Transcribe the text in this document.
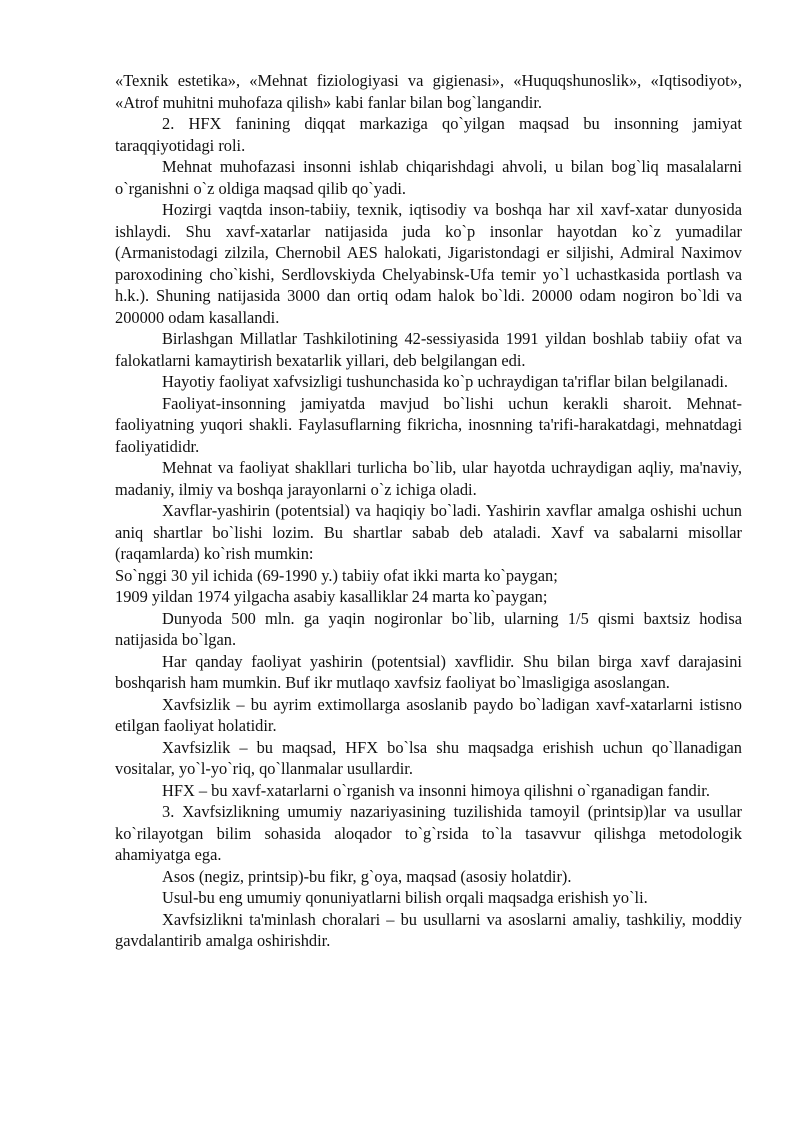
«Texnik estetika», «Mehnat fiziologiyasi va gigienasi», «Huquqshunoslik», «Iqtisodiyot», «Atrof muhitni muhofaza qilish» kabi fanlar bilan bog`langandir.

2. HFX fanining diqqat markaziga qo`yilgan maqsad bu insonning jamiyat taraqqiyotidagi roli.

Mehnat muhofazasi insonni ishlab chiqarishdagi ahvoli, u bilan bog`liq masalalarni o`rganishni o`z oldiga maqsad qilib qo`yadi.

Hozirgi vaqtda inson-tabiiy, texnik, iqtisodiy va boshqa har xil xavf-xatar dunyosida ishlaydi. Shu xavf-xatarlar natijasida juda ko`p insonlar hayotdan ko`z yumadilar (Armanistodagi zilzila, Chernobil AES halokati, Jigaristondagi er siljishi, Admiral Naximov paroxodining cho`kishi, Serdlovskiyda Chelyabinsk-Ufa temir yo`l uchastkasida portlash va h.k.). Shuning natijasida 3000 dan ortiq odam halok bo`ldi. 20000 odam nogiron bo`ldi va 200000 odam kasallandi.

Birlashgan Millatlar Tashkilotining 42-sessiyasida 1991 yildan boshlab tabiiy ofat va falokatlarni kamaytirish bexatarlik yillari, deb belgilangan edi.

Hayotiy faoliyat xafvsizligi tushunchasida ko`p uchraydigan ta'riflar bilan belgilanadi.

Faoliyat-insonning jamiyatda mavjud bo`lishi uchun kerakli sharoit. Mehnat-faoliyatning yuqori shakli. Faylasuflarning fikricha, inosnning ta'rifi-harakatdagi, mehnatdagi faoliyatididr.

Mehnat va faoliyat shakllari turlicha bo`lib, ular hayotda uchraydigan aqliy, ma'naviy, madaniy, ilmiy va boshqa jarayonlarni o`z ichiga oladi.

Xavflar-yashirin (potentsial) va haqiqiy bo`ladi. Yashirin xavflar amalga oshishi uchun aniq shartlar bo`lishi lozim. Bu shartlar sabab deb ataladi. Xavf va sabalarni misollar (raqamlarda) ko`rish mumkin:

So`nggi 30 yil ichida (69-1990 y.) tabiiy ofat ikki marta ko`paygan;

1909 yildan 1974 yilgacha asabiy kasalliklar 24 marta ko`paygan;

Dunyoda 500 mln. ga yaqin nogironlar bo`lib, ularning 1/5 qismi baxtsiz hodisa natijasida bo`lgan.

Har qanday faoliyat yashirin (potentsial) xavflidir. Shu bilan birga xavf darajasini boshqarish ham mumkin. Buf ikr mutlaqo xavfsiz faoliyat bo`lmasligiga asoslangan.

Xavfsizlik – bu ayrim extimollarga asoslanib paydo bo`ladigan xavf-xatarlarni istisno etilgan faoliyat holatidir.

Xavfsizlik – bu maqsad, HFX bo`lsa shu maqsadga erishish uchun qo`llanadigan vositalar, yo`l-yo`riq, qo`llanmalar usullardir.

HFX – bu xavf-xatarlarni o`rganish va insonni himoya qilishni o`rganadigan fandir.

3. Xavfsizlikning umumiy nazariyasining tuzilishida tamoyil (printsip)lar va usullar ko`rilayotgan bilim sohasida aloqador to`g`rsida to`la tasavvur qilishga metodologik ahamiyatga ega.

Asos (negiz, printsip)-bu fikr, g`oya, maqsad (asosiy holatdir).

Usul-bu eng umumiy qonuniyatlarni bilish orqali maqsadga erishish yo`li.

Xavfsizlikni ta'minlash choralari – bu usullarni va asoslarni amaliy, tashkiliy, moddiy gavdalantirib amalga oshirishdir.
